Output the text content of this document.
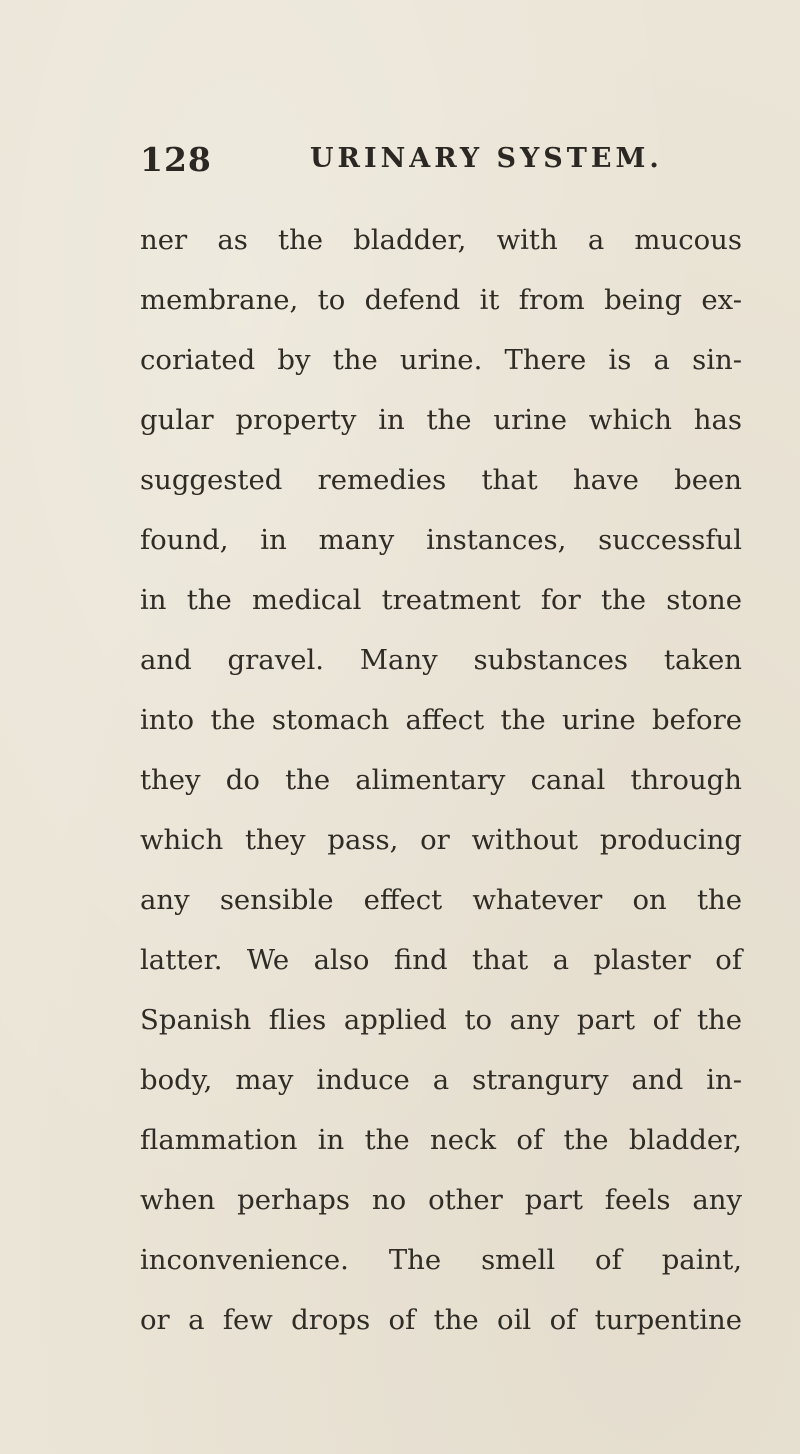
128	URINARY SYSTEM.
ner as the bladder, with a mucous
membrane, to defend it from being ex-
coriated by the urine. There is a sin-
gular property in the urine which has
suggested remedies that have been
found, in many instances, successful
in the medical treatment for the stone
and gravel. Many substances taken
into the stomach affect the urine before
they do the alimentary canal through
which they pass, or without producing
any sensible effect whatever on the
latter. We also find that a plaster of
Spanish flies applied to any part of the
body, may induce a strangury and in-
flammation in the neck of the bladder,
when perhaps no other part feels any
inconvenience. The smell of paint,
or a few drops of the oil of turpentine
